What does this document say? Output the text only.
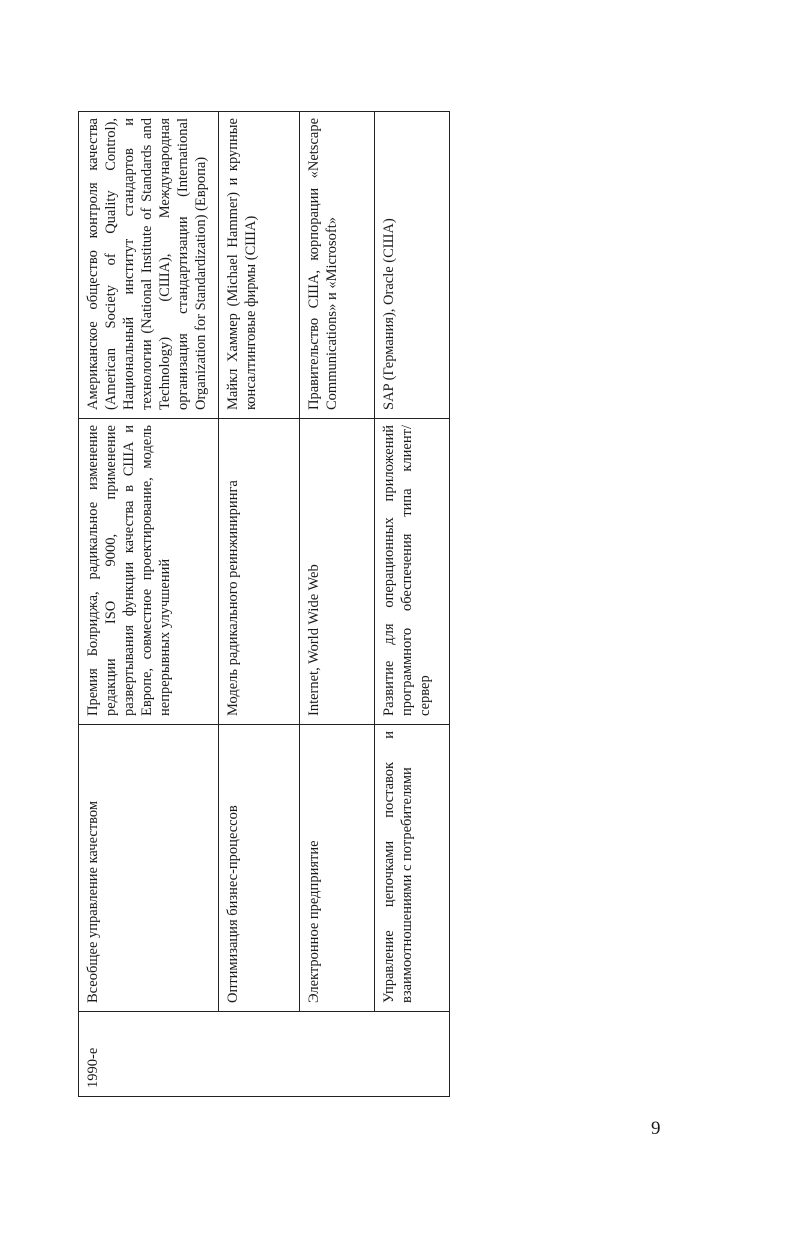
1990-е	Всеобщее управление качеством	Премия Болриджа, радикальное изменение редакции ISO 9000, применение развертывания функции качества в США и Европе, совместное проектирование, модель непрерывных улучшений	Американское общество контроля качества (American Society of Quality Control), Национальный институт стандартов и технологии (National Institute of Standards and Technology) (США), Международная организация стандартизации (International Organization for Standardization) (Европа)
	Оптимизация бизнес-процессов	Модель радикального реинжиниринга	Майкл Хаммер (Michael Hammer) и крупные консалтинговые фирмы (США)
	Электронное предприятие	Internet, World Wide Web	Правительство США, корпорации «Netscape Communications» и «Microsoft»
	Управление цепочками поставок и взаимоотношениями с потребителями	Развитие для операционных приложений программного обеспечения типа клиент/сервер	SAP (Германия), Oracle (США)
9
